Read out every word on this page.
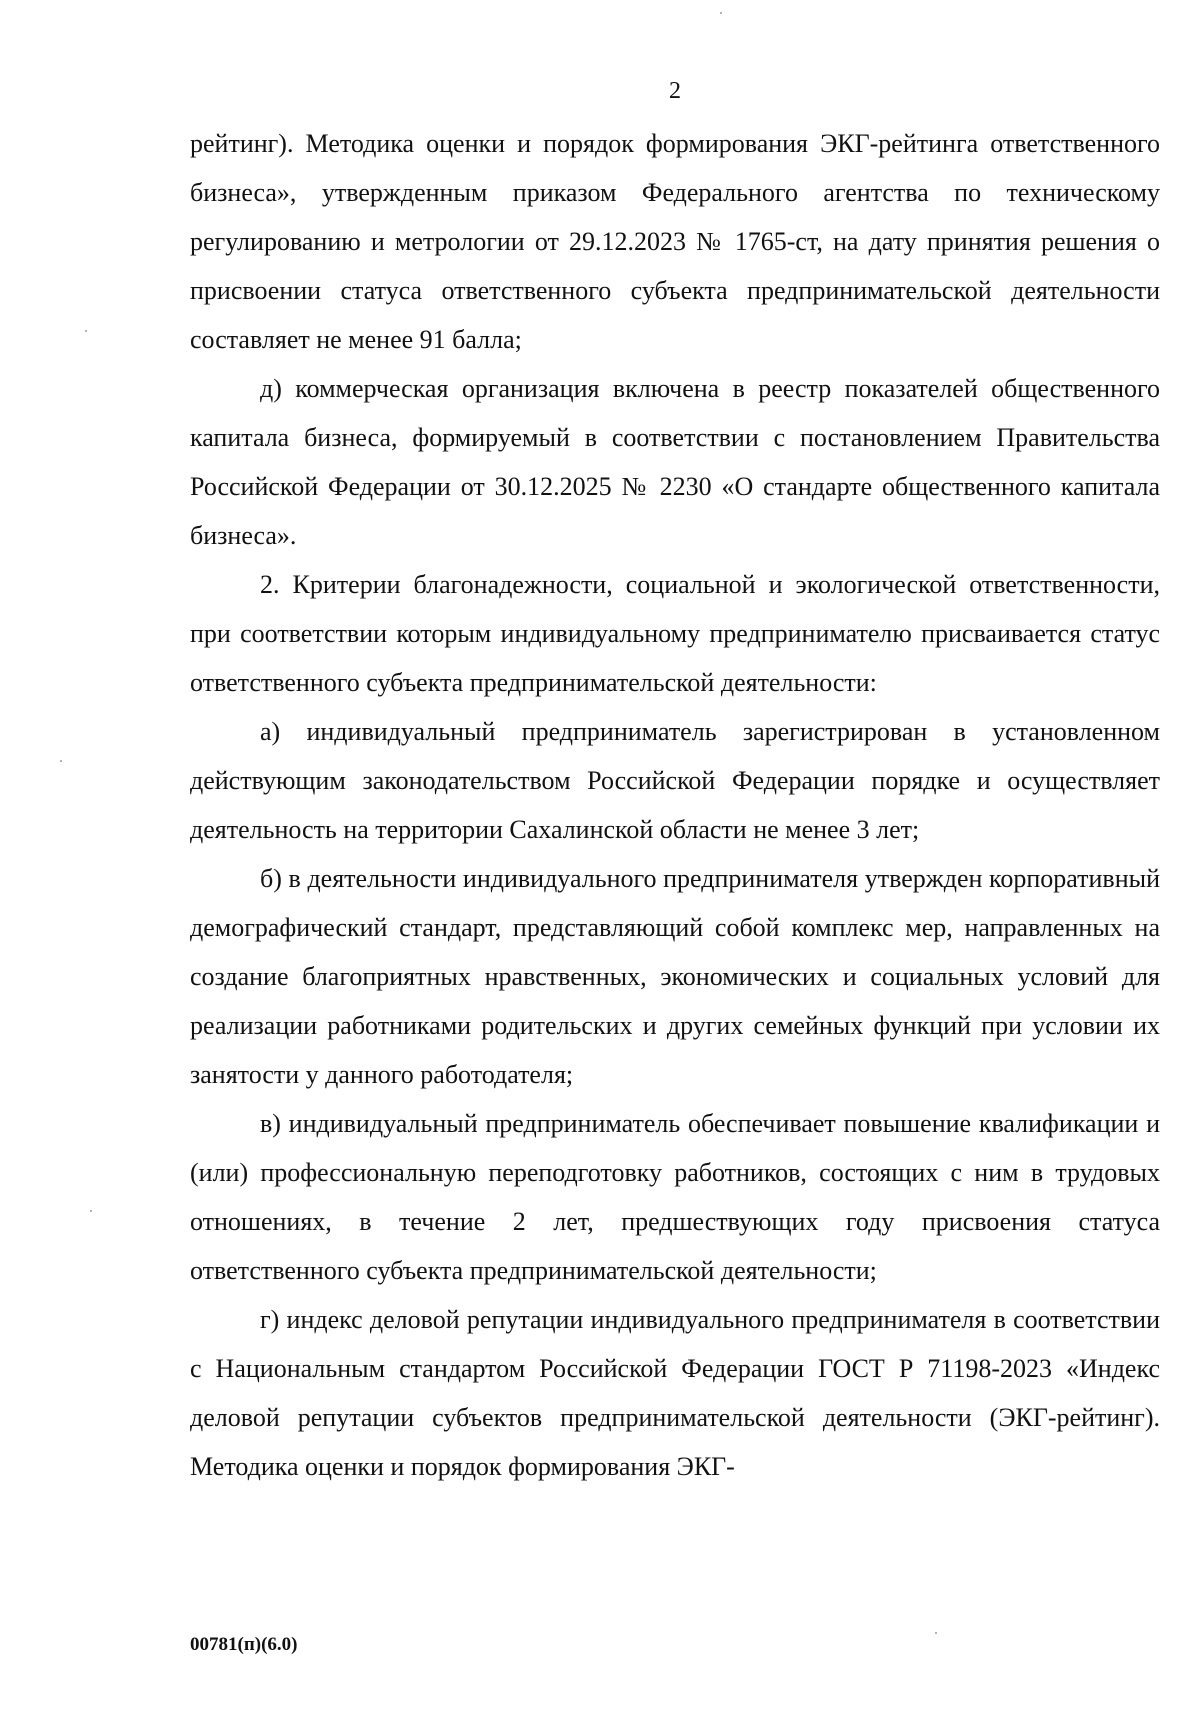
2

рейтинг). Методика оценки и порядок формирования ЭКГ-рейтинга ответственного бизнеса», утвержденным приказом Федерального агентства по техническому регулированию и метрологии от 29.12.2023 № 1765-ст, на дату принятия решения о присвоении статуса ответственного субъекта предпринимательской деятельности составляет не менее 91 балла;

д) коммерческая организация включена в реестр показателей общественного капитала бизнеса, формируемый в соответствии с постановлением Правительства Российской Федерации от 30.12.2025 № 2230 «О стандарте общественного капитала бизнеса».

2. Критерии благонадежности, социальной и экологической ответственности, при соответствии которым индивидуальному предпринимателю присваивается статус ответственного субъекта предпринимательской деятельности:

а) индивидуальный предприниматель зарегистрирован в установленном действующим законодательством Российской Федерации порядке и осуществляет деятельность на территории Сахалинской области не менее 3 лет;

б) в деятельности индивидуального предпринимателя утвержден корпоративный демографический стандарт, представляющий собой комплекс мер, направленных на создание благоприятных нравственных, экономических и социальных условий для реализации работниками родительских и других семейных функций при условии их занятости у данного работодателя;

в) индивидуальный предприниматель обеспечивает повышение квалификации и (или) профессиональную переподготовку работников, состоящих с ним в трудовых отношениях, в течение 2 лет, предшествующих году присвоения статуса ответственного субъекта предпринимательской деятельности;

г) индекс деловой репутации индивидуального предпринимателя в соответствии с Национальным стандартом Российской Федерации ГОСТ Р 71198-2023 «Индекс деловой репутации субъектов предпринимательской деятельности (ЭКГ-рейтинг). Методика оценки и порядок формирования ЭКГ-

00781(п)(6.0)
